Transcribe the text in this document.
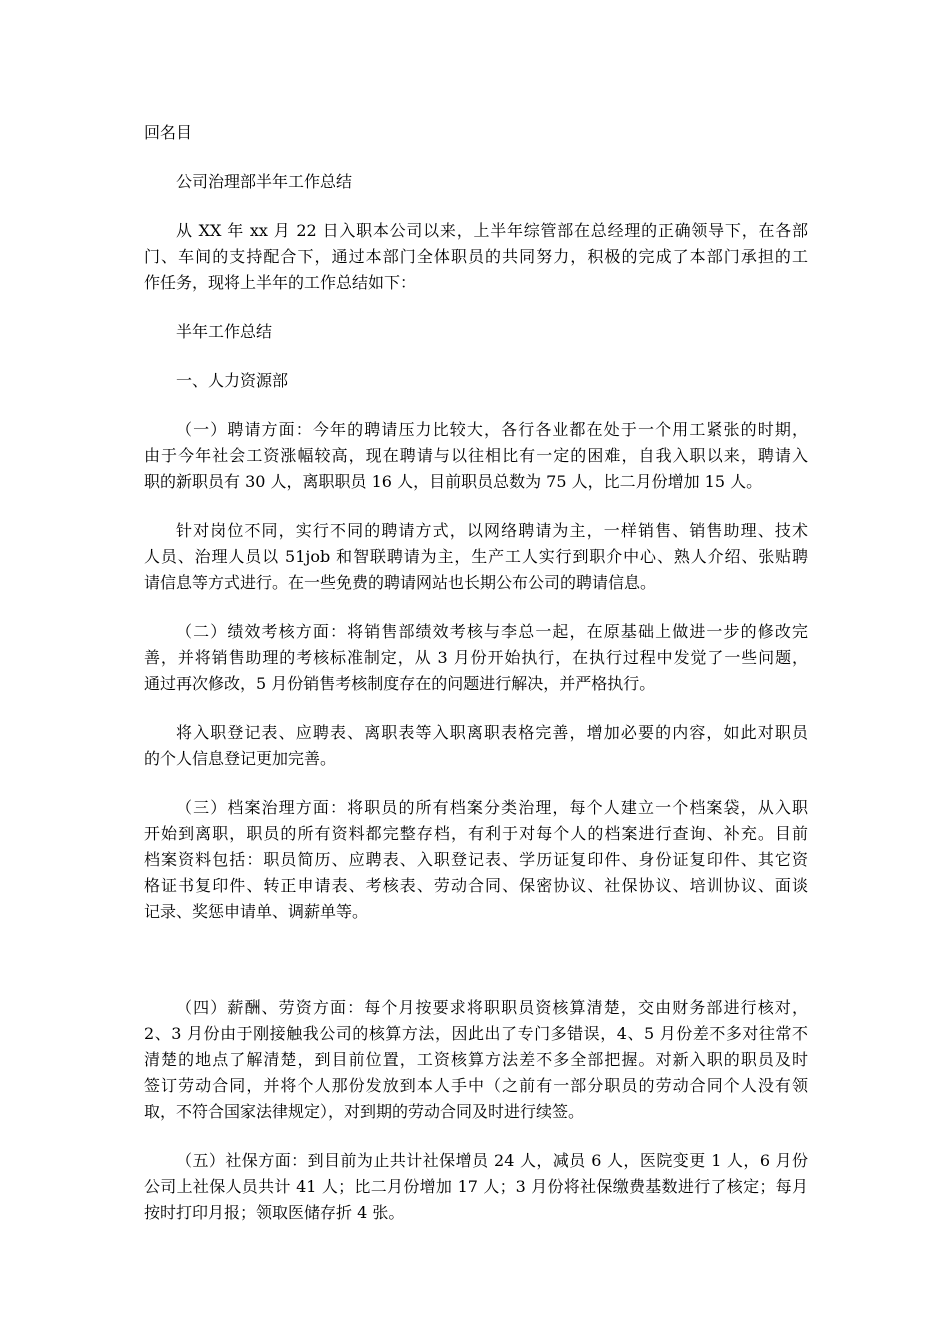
回名目

公司治理部半年工作总结

从 XX 年 xx 月 22 日入职本公司以来，上半年综管部在总经理的正确领导下，在各部

门、车间的支持配合下，通过本部门全体职员的共同努力，积极的完成了本部门承担的工

作任务，现将上半年的工作总结如下：

半年工作总结

一、人力资源部

（一）聘请方面：今年的聘请压力比较大，各行各业都在处于一个用工紧张的时期，

由于今年社会工资涨幅较高，现在聘请与以往相比有一定的困难，自我入职以来，聘请入

职的新职员有 30 人，离职职员 16 人，目前职员总数为 75 人，比二月份增加 15 人。

针对岗位不同，实行不同的聘请方式，以网络聘请为主，一样销售、销售助理、技术

人员、治理人员以 51job 和智联聘请为主，生产工人实行到职介中心、熟人介绍、张贴聘

请信息等方式进行。在一些免费的聘请网站也长期公布公司的聘请信息。

（二）绩效考核方面：将销售部绩效考核与李总一起，在原基础上做进一步的修改完

善，并将销售助理的考核标准制定，从 3 月份开始执行，在执行过程中发觉了一些问题，

通过再次修改，5 月份销售考核制度存在的问题进行解决，并严格执行。

将入职登记表、应聘表、离职表等入职离职表格完善，增加必要的内容，如此对职员

的个人信息登记更加完善。

（三）档案治理方面：将职员的所有档案分类治理，每个人建立一个档案袋，从入职

开始到离职，职员的所有资料都完整存档，有利于对每个人的档案进行查询、补充。目前

档案资料包括：职员简历、应聘表、入职登记表、学历证复印件、身份证复印件、其它资

格证书复印件、转正申请表、考核表、劳动合同、保密协议、社保协议、培训协议、面谈

记录、奖惩申请单、调薪单等。

（四）薪酬、劳资方面：每个月按要求将职职员资核算清楚，交由财务部进行核对，

2、3 月份由于刚接触我公司的核算方法，因此出了专门多错误，4、5 月份差不多对往常不

清楚的地点了解清楚，到目前位置，工资核算方法差不多全部把握。对新入职的职员及时

签订劳动合同，并将个人那份发放到本人手中（之前有一部分职员的劳动合同个人没有领

取，不符合国家法律规定），对到期的劳动合同及时进行续签。

（五）社保方面：到目前为止共计社保增员 24 人，减员 6 人，医院变更 1 人，6 月份

公司上社保人员共计 41 人；比二月份增加 17 人；3 月份将社保缴费基数进行了核定；每月

按时打印月报；领取医储存折 4 张。
